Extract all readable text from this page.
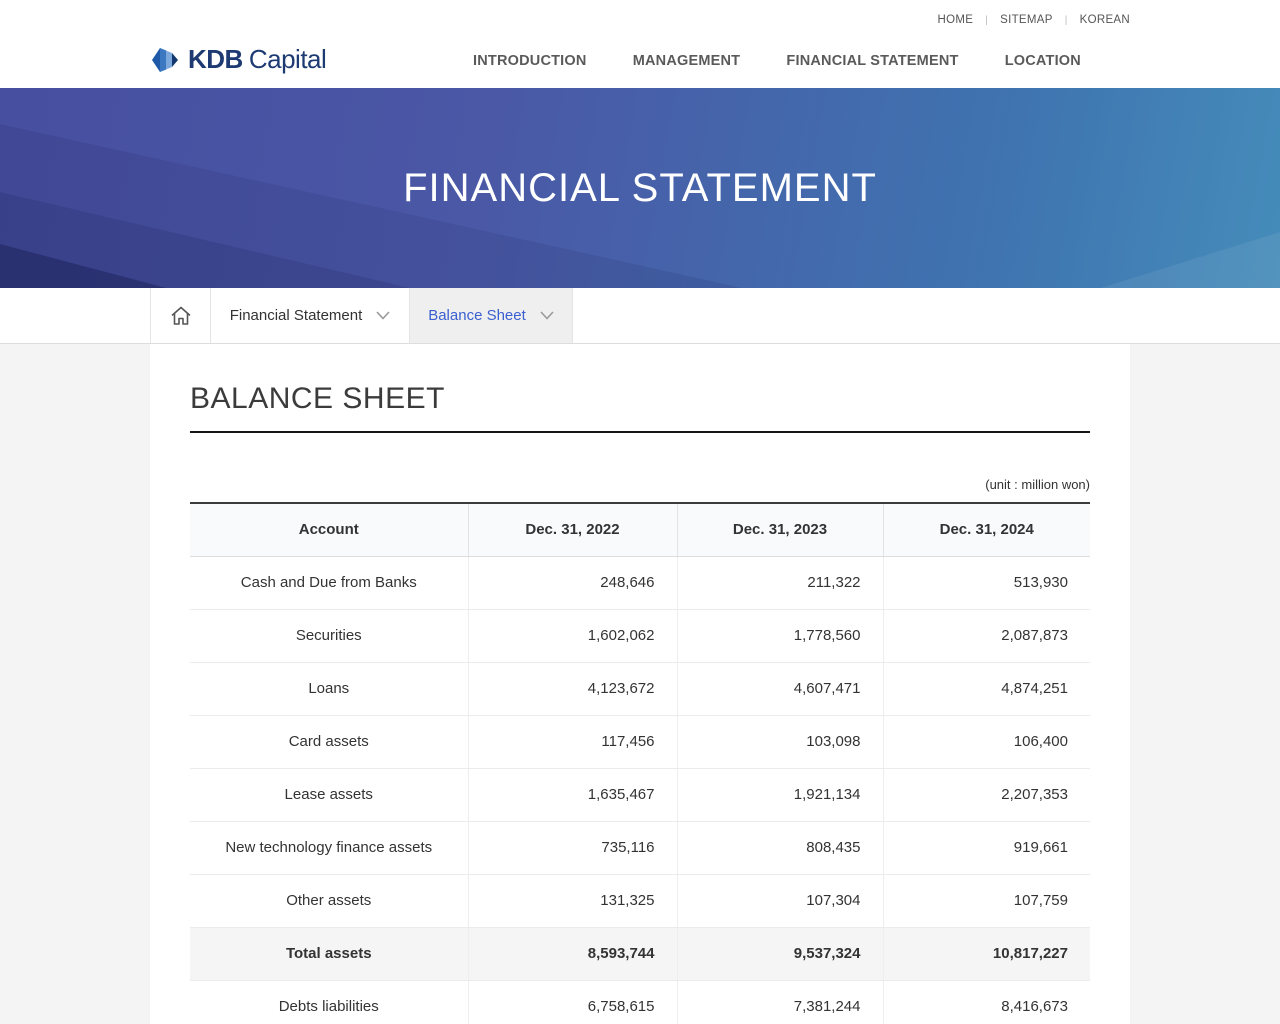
HOME | SITEMAP | KOREAN
KDB Capital	INTRODUCTION	MANAGEMENT	FINANCIAL STATEMENT	LOCATION
FINANCIAL STATEMENT
Financial Statement	Balance Sheet
BALANCE SHEET
(unit : million won)
Account	Dec. 31, 2022	Dec. 31, 2023	Dec. 31, 2024
Cash and Due from Banks	248,646	211,322	513,930
Securities	1,602,062	1,778,560	2,087,873
Loans	4,123,672	4,607,471	4,874,251
Card assets	117,456	103,098	106,400
Lease assets	1,635,467	1,921,134	2,207,353
New technology finance assets	735,116	808,435	919,661
Other assets	131,325	107,304	107,759
Total assets	8,593,744	9,537,324	10,817,227
Debts liabilities	6,758,615	7,381,244	8,416,673
